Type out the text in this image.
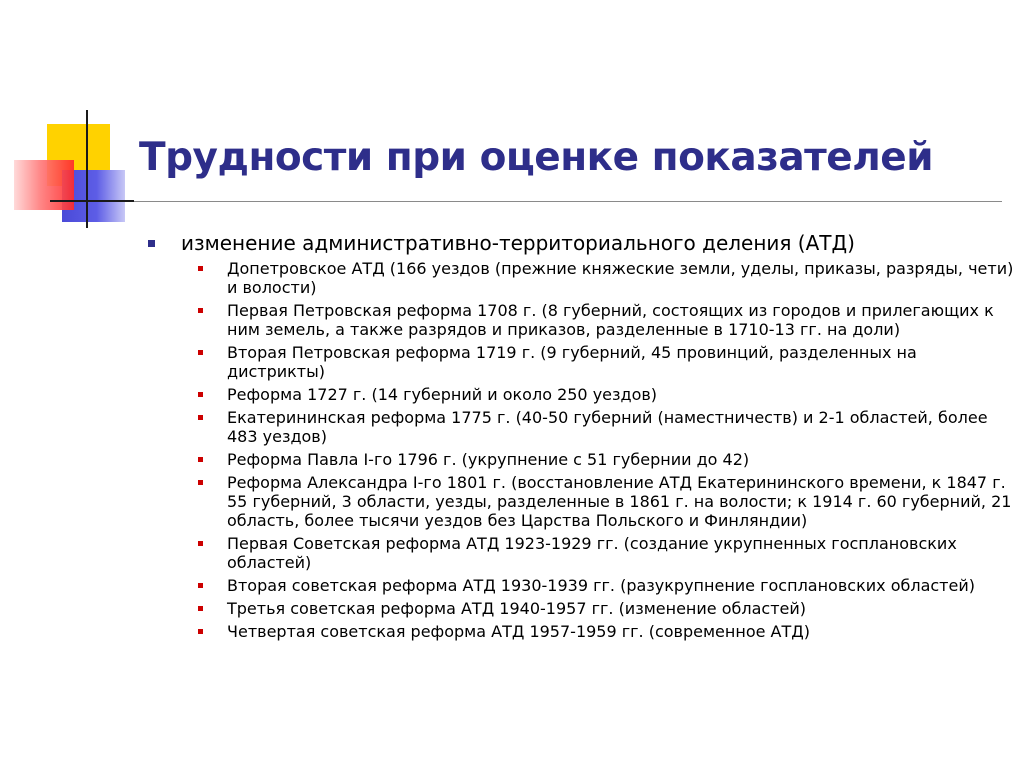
Трудности при оценке показателей
изменение административно-территориального деления (АТД)
Допетровское АТД (166 уездов (прежние княжеские земли, уделы, приказы, разряды, чети) и волости)
Первая Петровская реформа 1708 г. (8 губерний, состоящих из городов и прилегающих к ним земель, а также разрядов и приказов, разделенные в 1710-13 гг. на доли)
Вторая Петровская реформа 1719 г. (9 губерний, 45 провинций, разделенных на дистрикты)
Реформа 1727 г. (14 губерний и около 250 уездов)
Екатерининская реформа 1775 г. (40-50 губерний (наместничеств) и 2-1 областей, более 483 уездов)
Реформа Павла I-го 1796 г. (укрупнение с 51 губернии до 42)
Реформа Александра I-го 1801 г. (восстановление АТД Екатерининского времени, к 1847 г. 55 губерний, 3 области, уезды, разделенные в 1861 г. на волости; к 1914 г. 60 губерний, 21 область, более тысячи уездов без Царства Польского и Финляндии)
Первая Советская реформа АТД 1923-1929 гг. (создание укрупненных госплановских областей)
Вторая советская реформа АТД 1930-1939 гг. (разукрупнение госплановских областей)
Третья советская реформа АТД 1940-1957 гг. (изменение областей)
Четвертая советская реформа АТД 1957-1959 гг. (современное АТД)
